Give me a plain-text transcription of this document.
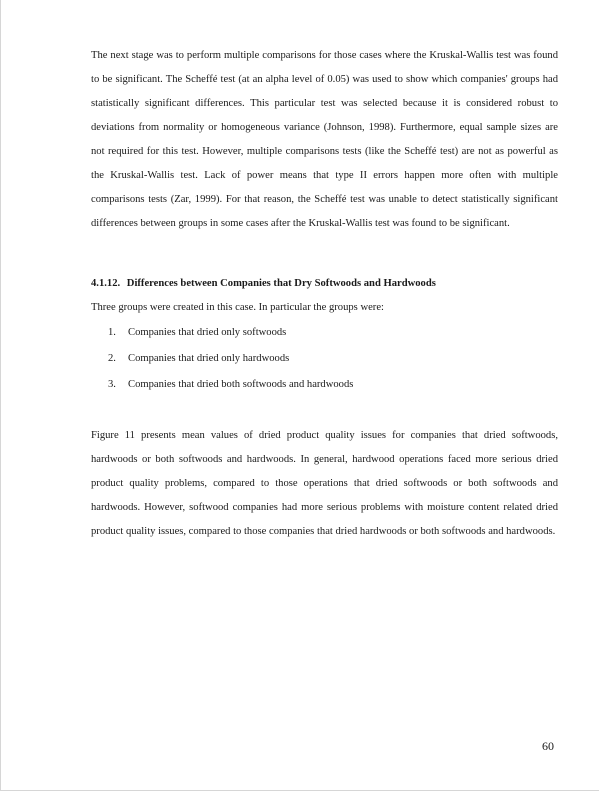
The next stage was to perform multiple comparisons for those cases where the Kruskal-Wallis test was found to be significant. The Scheffé test (at an alpha level of 0.05) was used to show which companies' groups had statistically significant differences. This particular test was selected because it is considered robust to deviations from normality or homogeneous variance (Johnson, 1998). Furthermore, equal sample sizes are not required for this test. However, multiple comparisons tests (like the Scheffé test) are not as powerful as the Kruskal-Wallis test. Lack of power means that type II errors happen more often with multiple comparisons tests (Zar, 1999). For that reason, the Scheffé test was unable to detect statistically significant differences between groups in some cases after the Kruskal-Wallis test was found to be significant.

4.1.12. Differences between Companies that Dry Softwoods and Hardwoods

Three groups were created in this case. In particular the groups were:

1.	Companies that dried only softwoods
2.	Companies that dried only hardwoods
3.	Companies that dried both softwoods and hardwoods

Figure 11 presents mean values of dried product quality issues for companies that dried softwoods, hardwoods or both softwoods and hardwoods. In general, hardwood operations faced more serious dried product quality problems, compared to those operations that dried softwoods or both softwoods and hardwoods. However, softwood companies had more serious problems with moisture content related dried product quality issues, compared to those companies that dried hardwoods or both softwoods and hardwoods.

60
